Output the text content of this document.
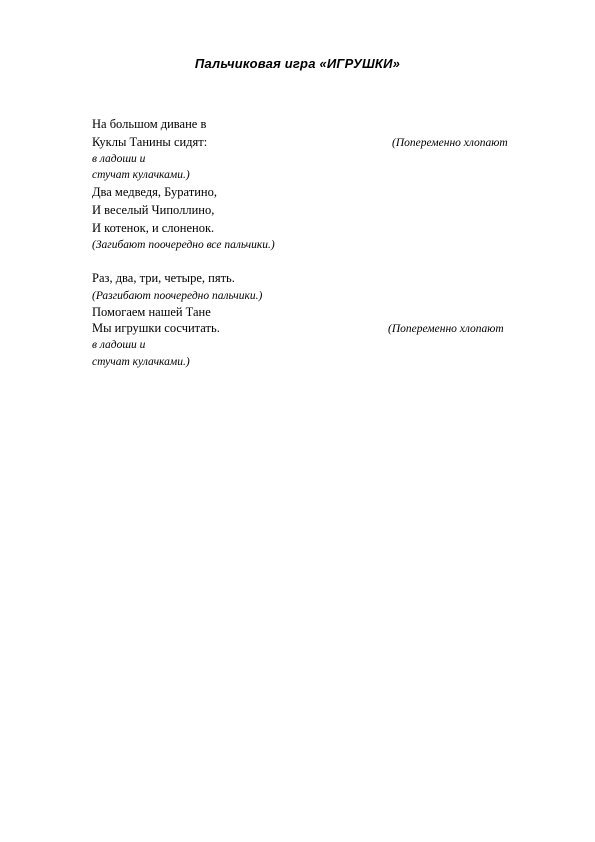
Пальчиковая игра «ИГРУШКИ»
На большом диване в
Куклы Танины сидят:	(Попеременно хлопают
в ладоши и
стучат кулачками.)
Два медведя, Буратино,
И веселый Чиполлино,
И котенок, и слоненок.
(Загибают поочередно все пальчики.)
Раз, два, три, четыре, пять.
(Разгибают поочередно пальчики.)
Помогаем нашей Тане
Мы игрушки сосчитать.	(Попеременно хлопают
в ладоши и
стучат кулачками.)
